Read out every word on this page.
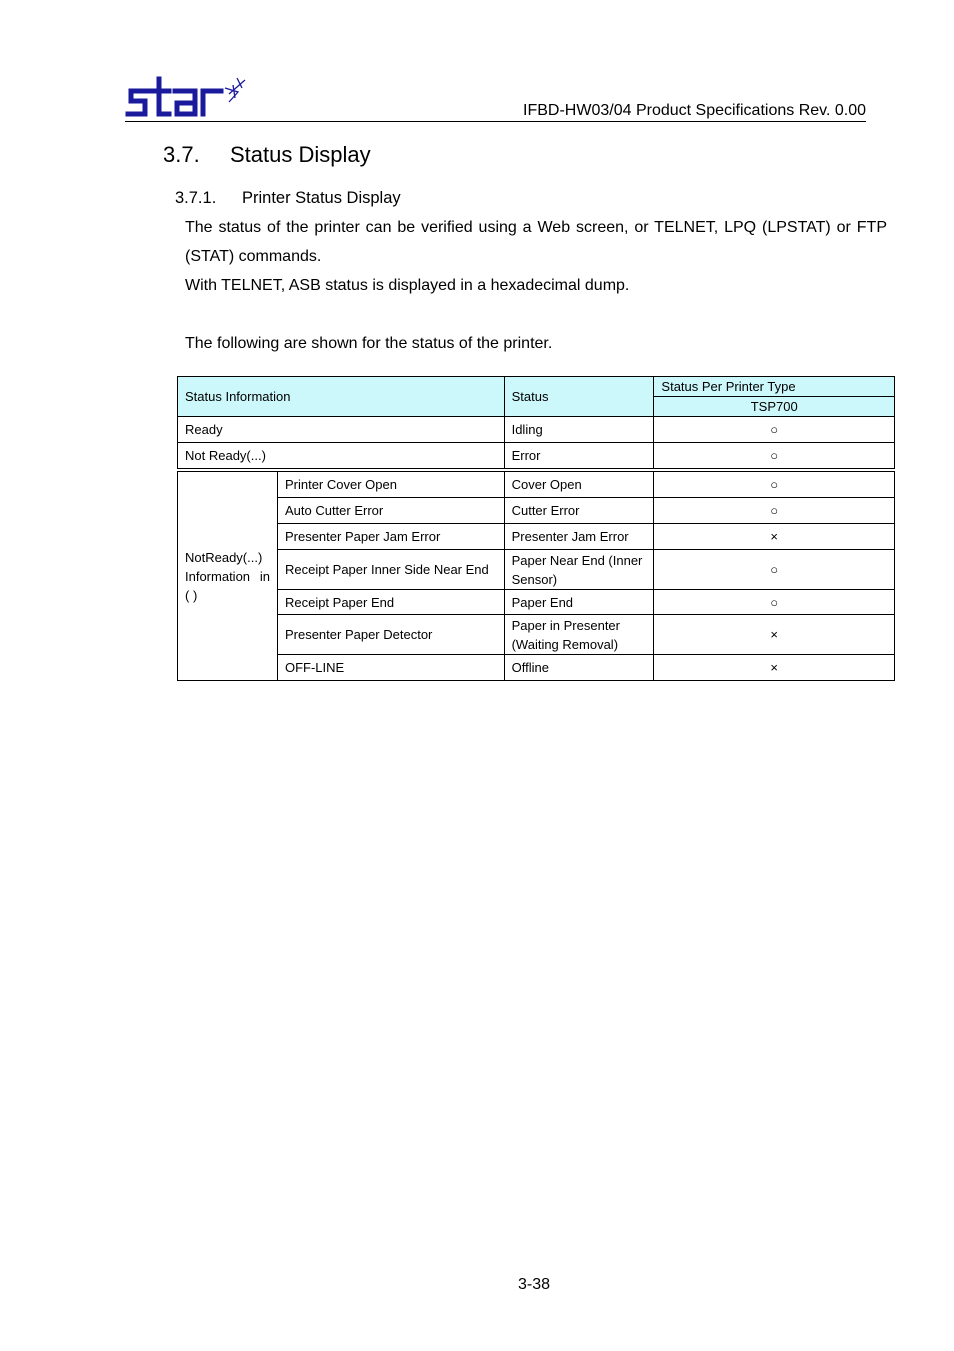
IFBD-HW03/04 Product Specifications Rev. 0.00
3.7. Status Display
3.7.1. Printer Status Display
The status of the printer can be verified using a Web screen, or TELNET, LPQ (LPSTAT) or FTP (STAT) commands.
With TELNET, ASB status is displayed in a hexadecimal dump.
The following are shown for the status of the printer.
Status Information		Status	Status Per Printer Type
			TSP700
Ready		Idling	○
Not Ready(...)		Error	○

NotReady(...) Information in ( )	Printer Cover Open	Cover Open	○
	Auto Cutter Error	Cutter Error	○
	Presenter Paper Jam Error	Presenter Jam Error	×
	Receipt Paper Inner Side Near End	Paper Near End (Inner Sensor)	○
	Receipt Paper End	Paper End	○
	Presenter Paper Detector	Paper in Presenter (Waiting Removal)	×
	OFF-LINE	Offline	×
3-38
